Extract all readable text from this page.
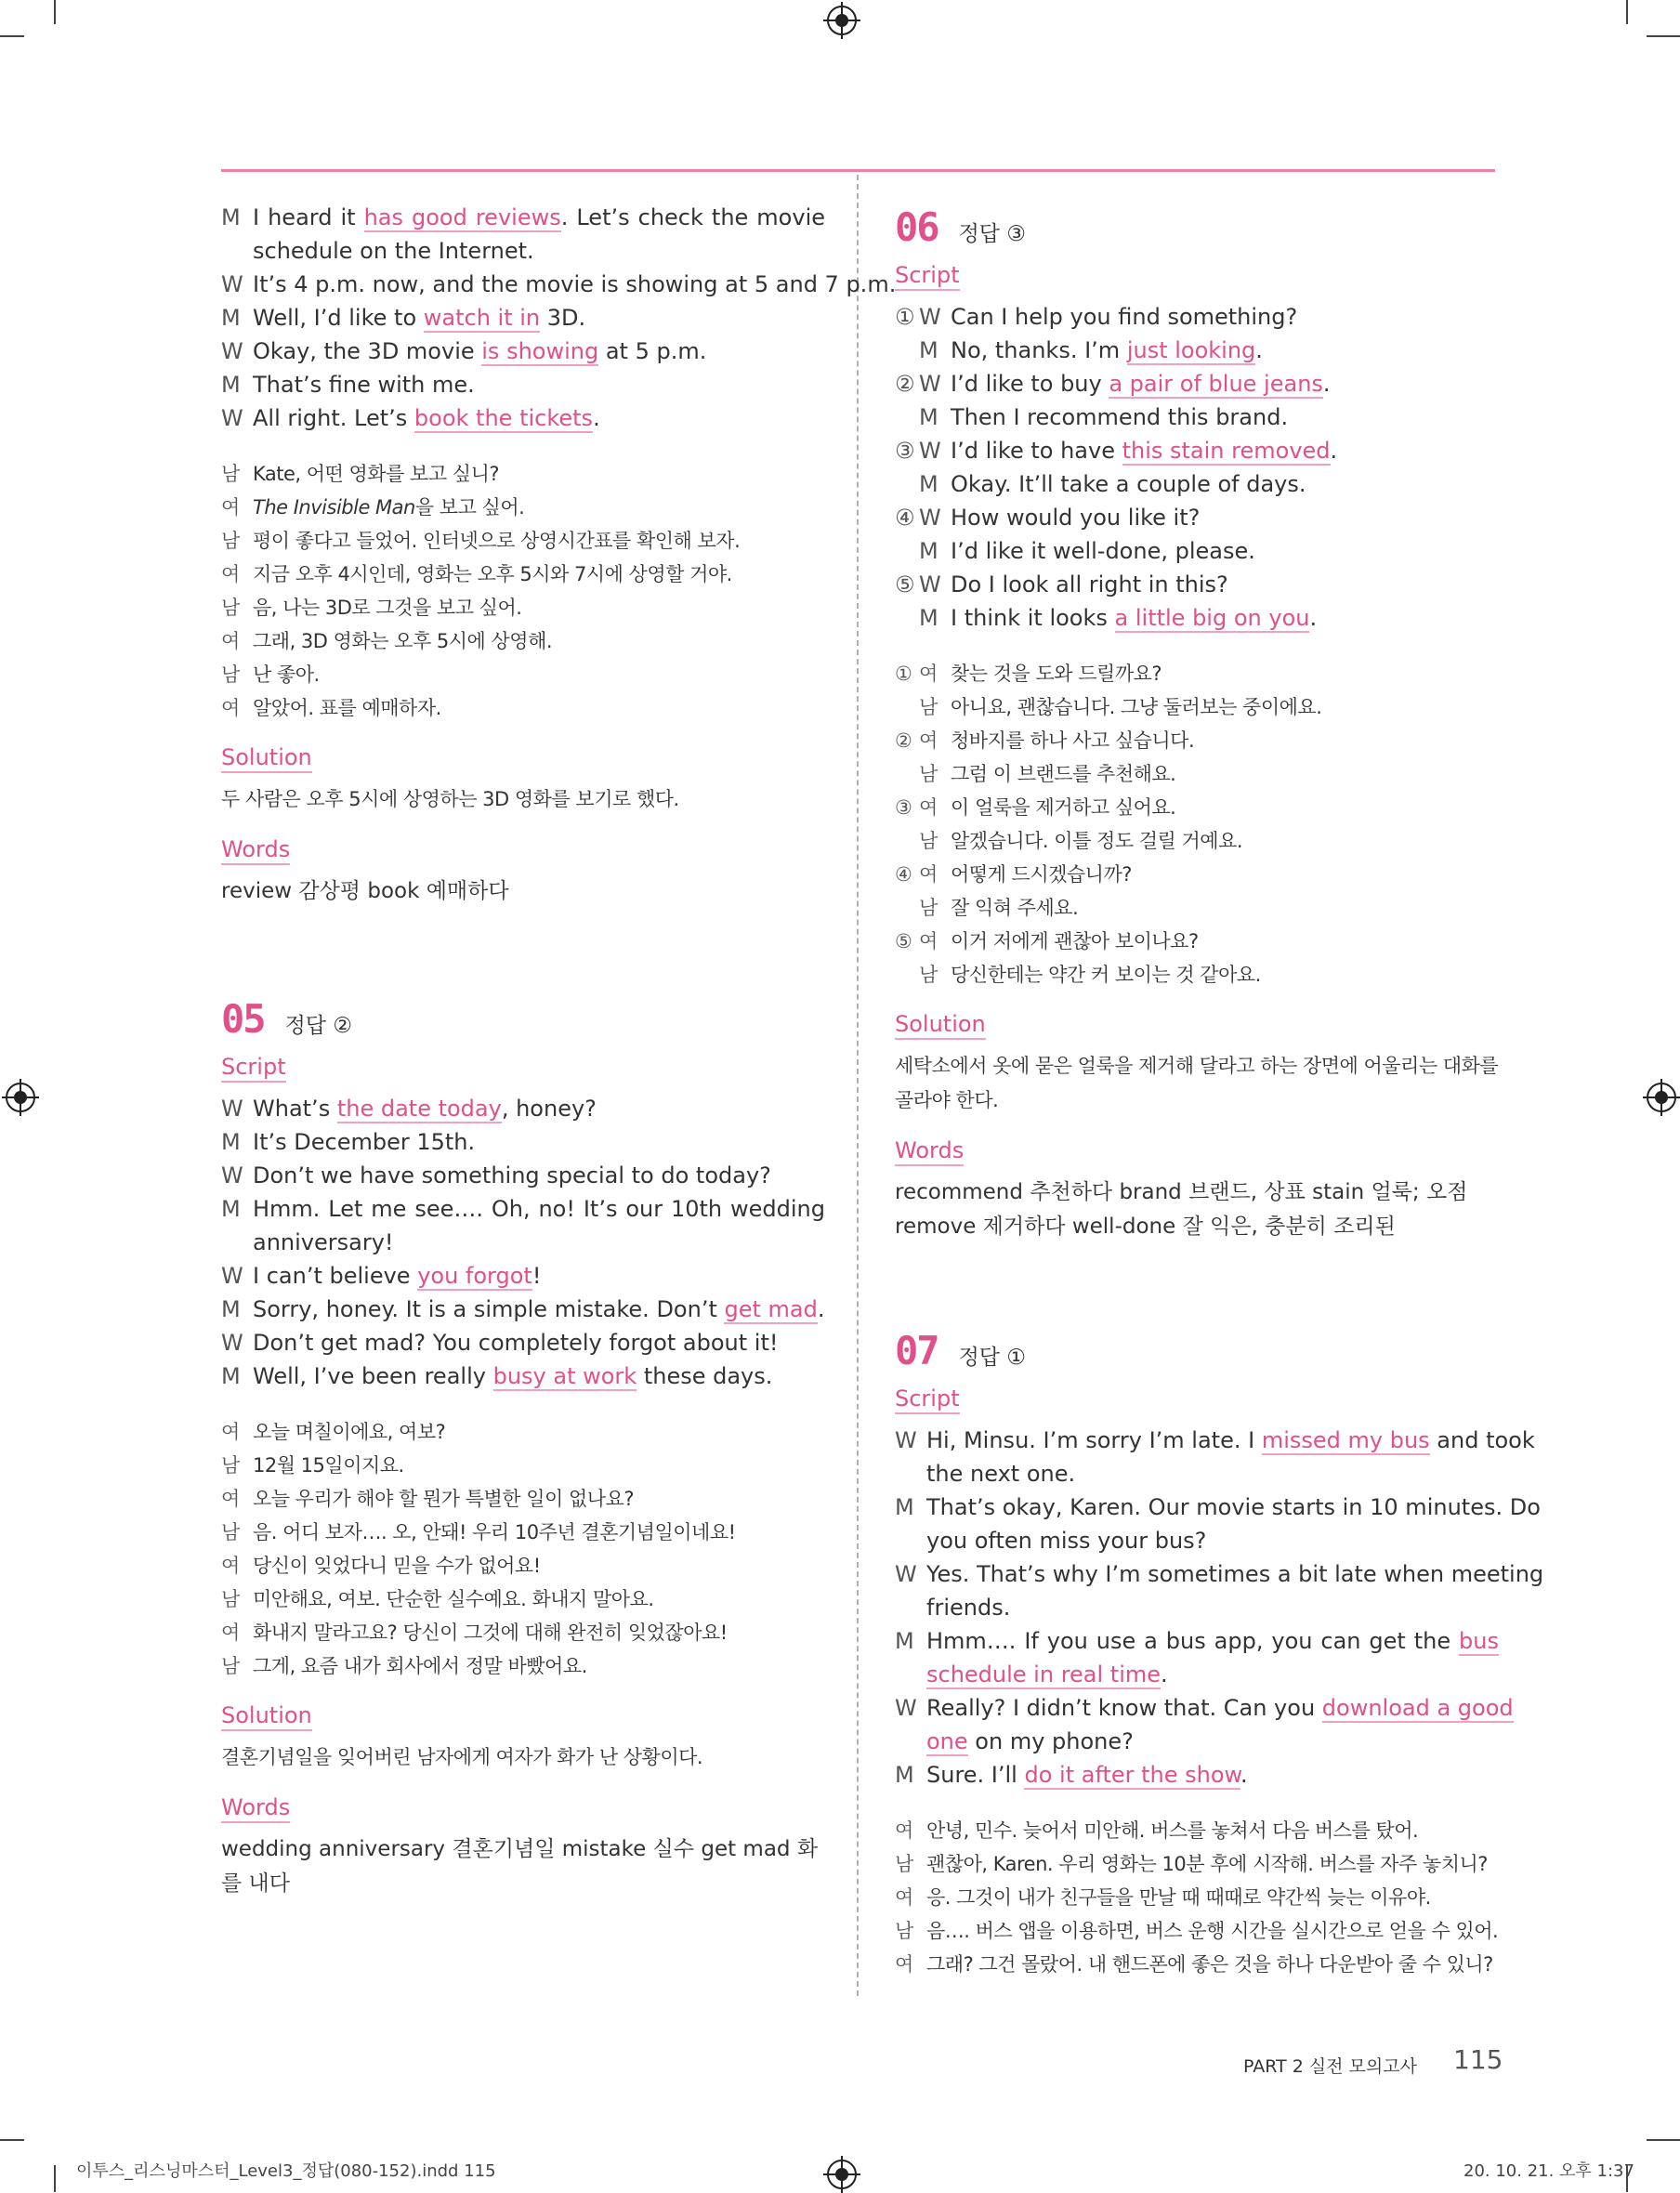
M I heard it has good reviews. Let’s check the movie
schedule on the Internet.
W It’s 4 p.m. now, and the movie is showing at 5 and 7 p.m.
M Well, I’d like to watch it in 3D.
W Okay, the 3D movie is showing at 5 p.m.
M That’s fine with me.
W All right. Let’s book the tickets.
남 Kate, 어떤 영화를 보고 싶니?
여 The Invisible Man을 보고 싶어.
남 평이 좋다고 들었어. 인터넷으로 상영시간표를 확인해 보자.
여 지금 오후 4시인데, 영화는 오후 5시와 7시에 상영할 거야.
남 음, 나는 3D로 그것을 보고 싶어.
여 그래, 3D 영화는 오후 5시에 상영해.
남 난 좋아.
여 알았어. 표를 예매하자.
Solution
두 사람은 오후 5시에 상영하는 3D 영화를 보기로 했다.
Words
review 감상평 book 예매하다
05 정답 ②
Script
W What’s the date today, honey?
M It’s December 15th.
W Don’t we have something special to do today?
M Hmm. Let me see…. Oh, no! It’s our 10th wedding
anniversary!
W I can’t believe you forgot!
M Sorry, honey. It is a simple mistake. Don’t get mad.
W Don’t get mad? You completely forgot about it!
M Well, I’ve been really busy at work these days.
여 오늘 며칠이에요, 여보?
남 12월 15일이지요.
여 오늘 우리가 해야 할 뭔가 특별한 일이 없나요?
남 음. 어디 보자…. 오, 안돼! 우리 10주년 결혼기념일이네요!
여 당신이 잊었다니 믿을 수가 없어요!
남 미안해요, 여보. 단순한 실수예요. 화내지 말아요.
여 화내지 말라고요? 당신이 그것에 대해 완전히 잊었잖아요!
남 그게, 요즘 내가 회사에서 정말 바빴어요.
Solution
결혼기념일을 잊어버린 남자에게 여자가 화가 난 상황이다.
Words
wedding anniversary 결혼기념일 mistake 실수 get mad 화
를 내다
06 정답 ③
Script
① W Can I help you find something?
M No, thanks. I’m just looking.
② W I’d like to buy a pair of blue jeans.
M Then I recommend this brand.
③ W I’d like to have this stain removed.
M Okay. It’ll take a couple of days.
④ W How would you like it?
M I’d like it well-done, please.
⑤ W Do I look all right in this?
M I think it looks a little big on you.
① 여 찾는 것을 도와 드릴까요?
남 아니요, 괜찮습니다. 그냥 둘러보는 중이에요.
② 여 청바지를 하나 사고 싶습니다.
남 그럼 이 브랜드를 추천해요.
③ 여 이 얼룩을 제거하고 싶어요.
남 알겠습니다. 이틀 정도 걸릴 거예요.
④ 여 어떻게 드시겠습니까?
남 잘 익혀 주세요.
⑤ 여 이거 저에게 괜찮아 보이나요?
남 당신한테는 약간 커 보이는 것 같아요.
Solution
세탁소에서 옷에 묻은 얼룩을 제거해 달라고 하는 장면에 어울리는 대화를
골라야 한다.
Words
recommend 추천하다 brand 브랜드, 상표 stain 얼룩; 오점
remove 제거하다 well-done 잘 익은, 충분히 조리된
07 정답 ①
Script
W Hi, Minsu. I’m sorry I’m late. I missed my bus and took
the next one.
M That’s okay, Karen. Our movie starts in 10 minutes. Do
you often miss your bus?
W Yes. That’s why I’m sometimes a bit late when meeting
friends.
M Hmm…. If you use a bus app, you can get the bus
schedule in real time.
W Really? I didn’t know that. Can you download a good
one on my phone?
M Sure. I’ll do it after the show.
여 안녕, 민수. 늦어서 미안해. 버스를 놓쳐서 다음 버스를 탔어.
남 괜찮아, Karen. 우리 영화는 10분 후에 시작해. 버스를 자주 놓치니?
여 응. 그것이 내가 친구들을 만날 때 때때로 약간씩 늦는 이유야.
남 음…. 버스 앱을 이용하면, 버스 운행 시간을 실시간으로 얻을 수 있어.
여 그래? 그건 몰랐어. 내 핸드폰에 좋은 것을 하나 다운받아 줄 수 있니?
PART 2 실전 모의고사 115
이투스_리스닝마스터_Level3_정답(080-152).indd 115	20. 10. 21. 오후 1:37
